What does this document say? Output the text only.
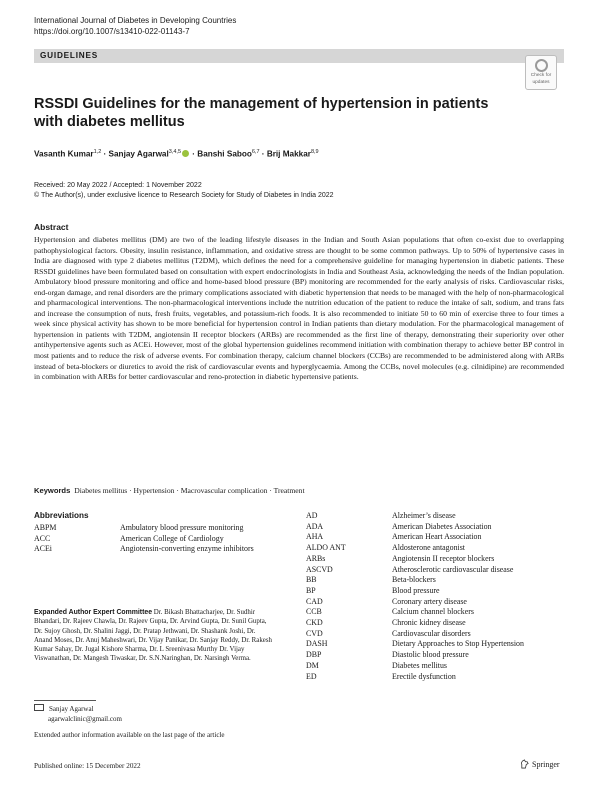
International Journal of Diabetes in Developing Countries
https://doi.org/10.1007/s13410-022-01143-7
GUIDELINES
Check for
updates
RSSDI Guidelines for the management of hypertension in patients with diabetes mellitus
Vasanth Kumar$^{1,2}$ · Sanjay Agarwal$^{3,4,5}$ · Banshi Saboo$^{6,7}$ · Brij Makkar$^{8,9}$
Received: 20 May 2022 / Accepted: 1 November 2022
© The Author(s), under exclusive licence to Research Society for Study of Diabetes in India 2022
Abstract

Hypertension and diabetes mellitus (DM) are two of the leading lifestyle diseases in the Indian and South Asian populations that often co-exist due to overlapping pathophysiological factors. Obesity, insulin resistance, inflammation, and oxidative stress are thought to be some common pathways. Up to 50% of hypertensive cases in India are diagnosed with type 2 diabetes mellitus (T2DM), which defines the need for a comprehensive guideline for managing hypertension in diabetic patients. These RSSDI guidelines have been formulated based on consultation with expert endocrinologists in India and Southeast Asia, acknowledging the needs of the Indian population. Ambulatory blood pressure monitoring and office and home-based blood pressure (BP) monitoring are recommended for the early analysis of risks. Cardiovascular risks, end-organ damage, and renal disorders are the primary complications associated with diabetic hypertension that needs to be managed with the help of non-pharmacological and pharmacological interventions. The non-pharmacological interventions include the nutrition education of the patient to reduce the intake of salt, sodium, and trans fats and increase the consumption of nuts, fresh fruits, vegetables, and potassium-rich foods. It is also recommended to initiate 50 to 60 min of exercise three to four times a week since physical activity has shown to be more beneficial for hypertension control in Indian patients than dietary modulation. For the pharmacological management of hypertension in patients with T2DM, angiotensin II receptor blockers (ARBs) are recommended as the first line of therapy, demonstrating their superiority over other antihypertensive agents such as ACEi. However, most of the global hypertension guidelines recommend initiation with combination therapy to achieve better BP control in most patients and to reduce the risk of adverse events. For combination therapy, calcium channel blockers (CCBs) are recommended to be administered along with ARBs instead of beta-blockers or diuretics to avoid the risk of cardiovascular events and hyperglycaemia. Among the CCBs, novel molecules (e.g. cilnidipine) are recommended in combination with ARBs for better cardiovascular and reno-protection in diabetic hypertensive patients.

Keywords Diabetes mellitus · Hypertension · Macrovascular complication · Treatment
Abbreviations
ABPM	Ambulatory blood pressure monitoring
ACC	American College of Cardiology
ACEi	Angiotensin-converting enzyme inhibitors
AD	Alzheimer’s disease
ADA	American Diabetes Association
AHA	American Heart Association
ALDO ANT	Aldosterone antagonist
ARBs	Angiotensin II receptor blockers
ASCVD	Atherosclerotic cardiovascular disease
BB	Beta-blockers
BP	Blood pressure
CAD	Coronary artery disease
CCB	Calcium channel blockers
CKD	Chronic kidney disease
CVD	Cardiovascular disorders
DASH	Dietary Approaches to Stop Hypertension
DBP	Diastolic blood pressure
DM	Diabetes mellitus
ED	Erectile dysfunction

Expanded Author Expert Committee Dr. Bikash Bhattacharjee, Dr. Sudhir Bhandari, Dr. Rajeev Chawla, Dr. Rajeev Gupta, Dr. Arvind Gupta, Dr. Sunil Gupta, Dr. Sujoy Ghosh, Dr. Shalini Jaggi, Dr. Pratap Jethwani, Dr. Shashank Joshi, Dr. Anand Moses, Dr. Anuj Maheshwari, Dr. Vijay Panikar, Dr. Sanjay Reddy, Dr. Rakesh Kumar Sahay, Dr. Jugal Kishore Sharma, Dr. L Sreenivasa Murthy Dr. Vijay Viswanathan, Dr. Mangesh Tiwaskar, Dr. S.N.Naringhan, Dr. Narsingh Verma.

Sanjay Agarwal
agarwalclinic@gmail.com
Extended author information available on the last page of the article
Published online: 15 December 2022	Springer
